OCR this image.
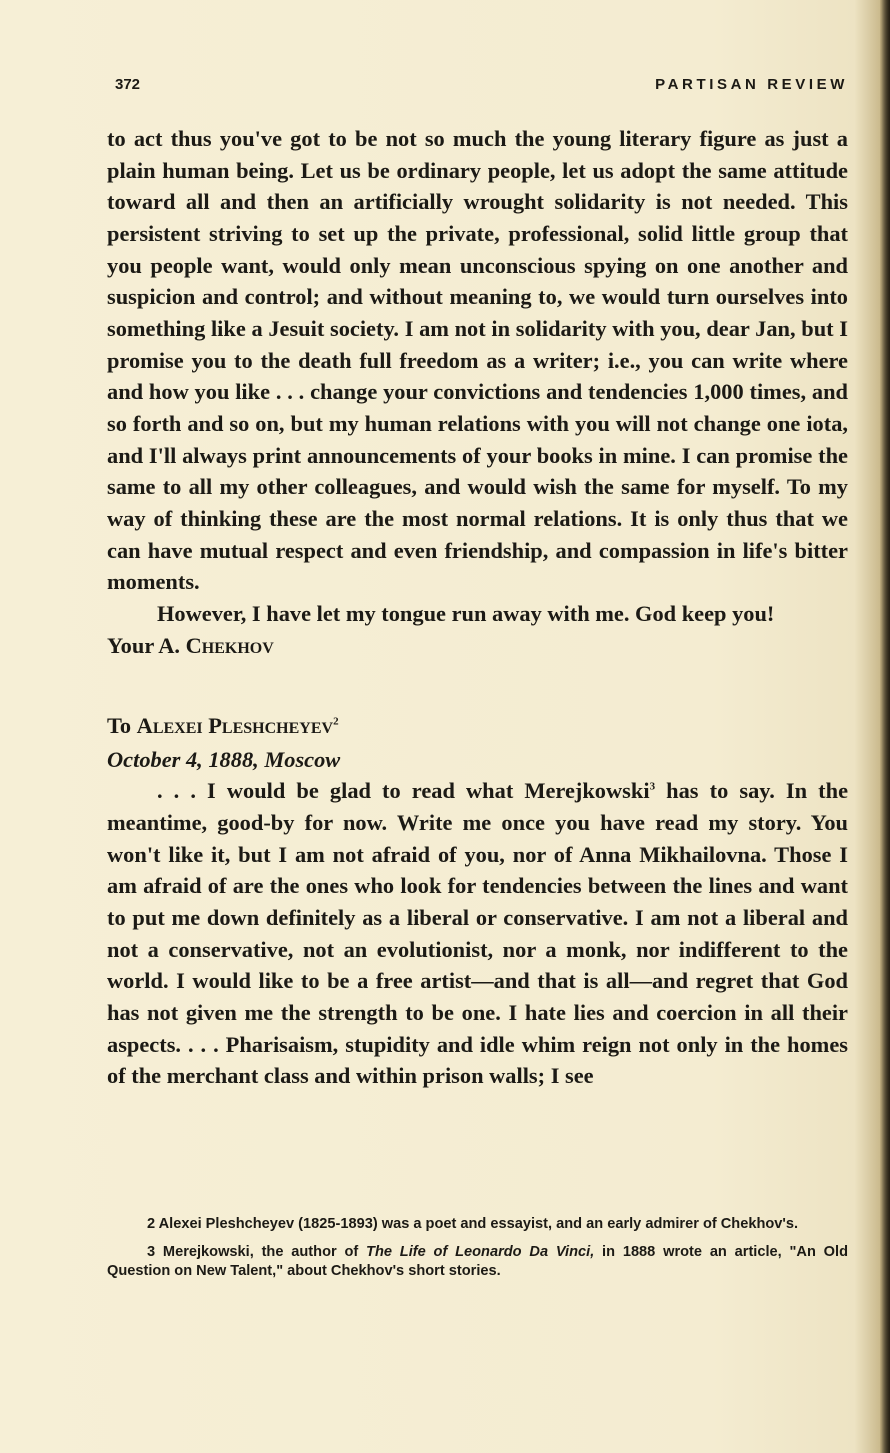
372	PARTISAN REVIEW

to act thus you've got to be not so much the young literary figure as just a plain human being. Let us be ordinary people, let us adopt the same attitude toward all and then an artificially wrought solidarity is not needed. This persistent striving to set up the private, professional, solid little group that you people want, would only mean unconscious spying on one another and suspicion and control; and without meaning to, we would turn ourselves into something like a Jesuit society. I am not in solidarity with you, dear Jan, but I promise you to the death full freedom as a writer; i.e., you can write where and how you like . . . change your convictions and tendencies 1,000 times, and so forth and so on, but my human relations with you will not change one iota, and I'll always print announcements of your books in mine. I can promise the same to all my other colleagues, and would wish the same for myself. To my way of thinking these are the most normal relations. It is only thus that we can have mutual respect and even friendship, and compassion in life's bitter moments.

However, I have let my tongue run away with me. God keep you!

Your A. Chekhov

To Alexei Pleshcheyev$^2$

October 4, 1888, Moscow

. . . I would be glad to read what Merejkowski$^3$ has to say. In the meantime, good-by for now. Write me once you have read my story. You won't like it, but I am not afraid of you, nor of Anna Mikhailovna. Those I am afraid of are the ones who look for tendencies between the lines and want to put me down definitely as a liberal or conservative. I am not a liberal and not a conservative, not an evolutionist, nor a monk, nor indifferent to the world. I would like to be a free artist—and that is all—and regret that God has not given me the strength to be one. I hate lies and coercion in all their aspects. . . . Pharisaism, stupidity and idle whim reign not only in the homes of the merchant class and within prison walls; I see

2 Alexei Pleshcheyev (1825-1893) was a poet and essayist, and an early admirer of Chekhov's.

3 Merejkowski, the author of The Life of Leonardo Da Vinci, in 1888 wrote an article, "An Old Question on New Talent," about Chekhov's short stories.
